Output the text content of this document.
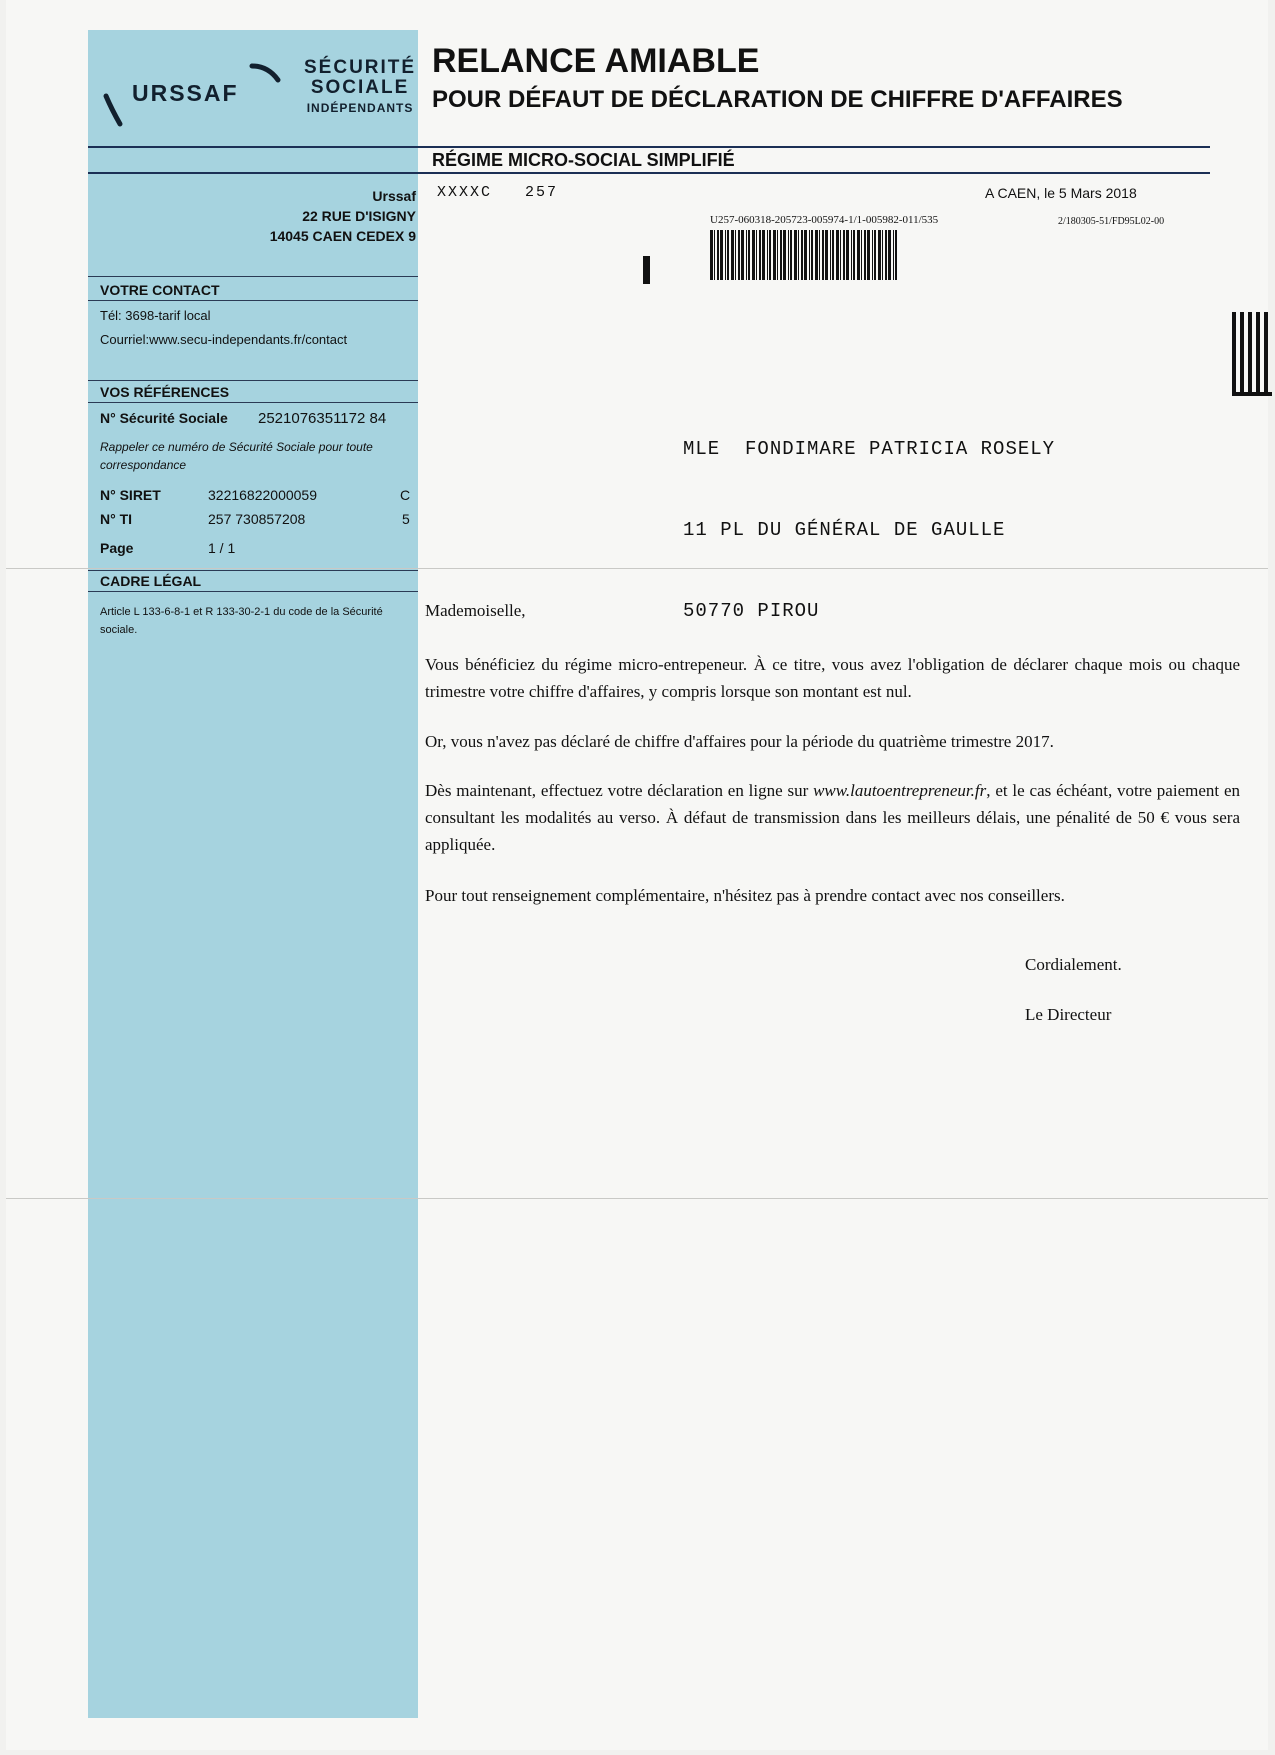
URSSAF
SÉCURITÉ
SOCIALE
INDÉPENDANTS
RELANCE AMIABLE
POUR DÉFAUT DE DÉCLARATION DE CHIFFRE D'AFFAIRES
RÉGIME MICRO-SOCIAL SIMPLIFIÉ
Urssaf
22 RUE D'ISIGNY
14045 CAEN CEDEX 9
XXXXC   257	A CAEN, le 5 Mars 2018
U257-060318-205723-005974-1/1-005982-011/535	2/180305-51/FD95L02-00
VOTRE CONTACT
Tél: 3698-tarif local
Courriel:www.secu-independants.fr/contact
VOS RÉFÉRENCES
N° Sécurité Sociale 2521076351172 84
Rappeler ce numéro de Sécurité Sociale pour toute correspondance
N° SIRET	32216822000059	C
N° TI	257 730857208	5
Page	1 / 1
CADRE LÉGAL
Article L 133-6-8-1 et R 133-30-2-1 du code de la Sécurité sociale.

MLE  FONDIMARE PATRICIA ROSELY

11 PL DU GÉNÉRAL DE GAULLE

50770 PIROU

Mademoiselle,
Vous bénéficiez du régime micro-entrepeneur. À ce titre, vous avez l'obligation de déclarer chaque mois ou chaque trimestre votre chiffre d'affaires, y compris lorsque son montant est nul.
Or, vous n'avez pas déclaré de chiffre d'affaires pour la période du quatrième trimestre 2017.
Dès maintenant, effectuez votre déclaration en ligne sur www.lautoentrepreneur.fr, et le cas échéant, votre paiement en consultant les modalités au verso. À défaut de transmission dans les meilleurs délais, une pénalité de 50 € vous sera appliquée.
Pour tout renseignement complémentaire, n'hésitez pas à prendre contact avec nos conseillers.
Cordialement.
Le Directeur
